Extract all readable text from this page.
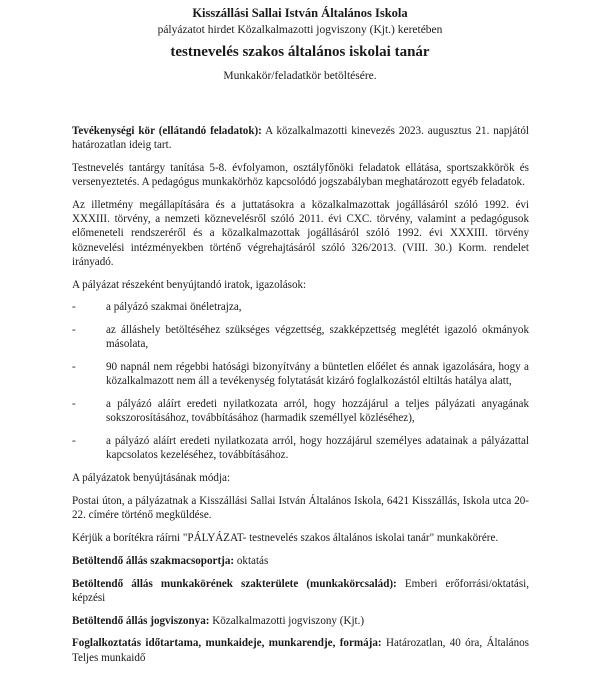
Kisszállási Sallai István Általános Iskola
pályázatot hirdet Közalkalmazotti jogviszony (Kjt.) keretében
testnevelés szakos általános iskolai tanár
Munkakör/feladatkör betöltésére.

Tevékenységi kör (ellátandó feladatok): A közalkalmazotti kinevezés 2023. augusztus 21. napjától határozatlan ideig tart.

Testnevelés tantárgy tanítása 5-8. évfolyamon, osztályfőnöki feladatok ellátása, sportszakkörök és versenyeztetés. A pedagógus munkakörhöz kapcsolódó jogszabályban meghatározott egyéb feladatok.

Az illetmény megállapítására és a juttatásokra a közalkalmazottak jogállásáról szóló 1992. évi XXXIII. törvény, a nemzeti köznevelésről szóló 2011. évi CXC. törvény, valamint a pedagógusok előmeneteli rendszeréről és a közalkalmazottak jogállásáról szóló 1992. évi XXXIII. törvény köznevelési intézményekben történő végrehajtásáról szóló 326/2013. (VIII. 30.) Korm. rendelet irányadó.

A pályázat részeként benyújtandó iratok, igazolások:

-	a pályázó szakmai önéletrajza,

-	az álláshely betöltéséhez szükséges végzettség, szakképzettség meglétét igazoló okmányok másolata,

-	90 napnál nem régebbi hatósági bizonyítvány a büntetlen előélet és annak igazolására, hogy a közalkalmazott nem áll a tevékenység folytatását kizáró foglalkozástól eltiltás hatálya alatt,

-	a pályázó aláírt eredeti nyilatkozata arról, hogy hozzájárul a teljes pályázati anyagának sokszorosításához, továbbításához (harmadik személlyel közléséhez),

-	a pályázó aláírt eredeti nyilatkozata arról, hogy hozzájárul személyes adatainak a pályázattal kapcsolatos kezeléséhez, továbbításához.

A pályázatok benyújtásának módja:

Postai úton, a pályázatnak a Kisszállási Sallai István Általános Iskola, 6421 Kisszállás, Iskola utca 20-22. címére történő megküldése.

Kérjük a borítékra ráírni "PÁLYÁZAT- testnevelés szakos általános iskolai tanár" munkakörére.

Betöltendő állás szakmacsoportja: oktatás

Betöltendő állás munkakörének szakterülete (munkakörcsalád): Emberi erőforrási/oktatási, képzési

Betöltendő állás jogviszonya: Közalkalmazotti jogviszony (Kjt.)

Foglalkoztatás időtartama, munkaideje, munkarendje, formája: Határozatlan, 40 óra, Általános Teljes munkaidő
